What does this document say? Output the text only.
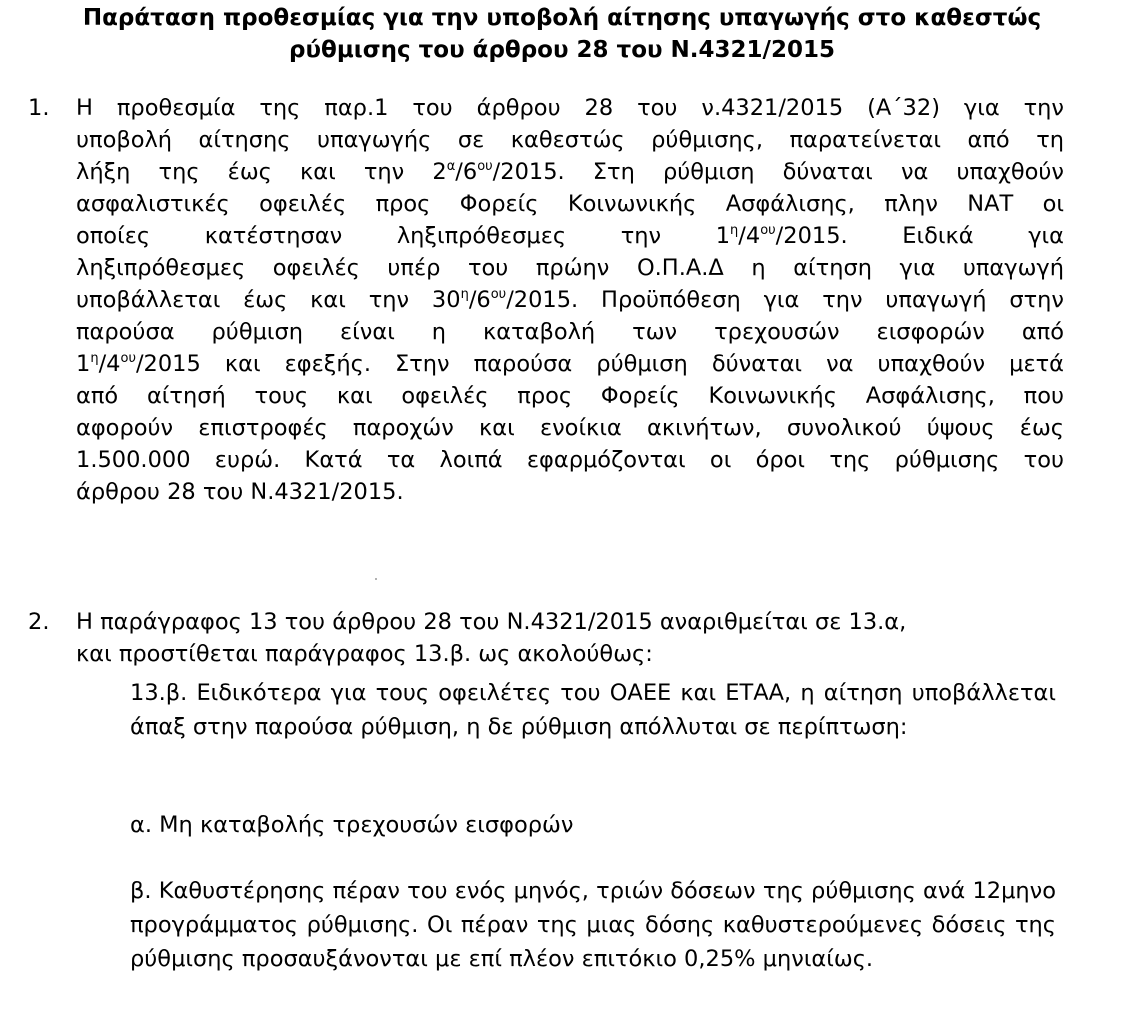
Παράταση προθεσμίας για την υποβολή αίτησης υπαγωγής στο καθεστώς
ρύθμισης του άρθρου 28 του Ν.4321/2015
1. Η προθεσμία της παρ.1 του άρθρου 28 του ν.4321/2015 (Α΄32) για την
υποβολή αίτησης υπαγωγής σε καθεστώς ρύθμισης, παρατείνεται από τη
λήξη της έως και την $2^\alpha/6^{o\upsilon}/2015$. Στη ρύθμιση δύναται να υπαχθούν
ασφαλιστικές οφειλές προς Φορείς Κοινωνικής Ασφάλισης, πλην ΝΑΤ οι
οποίες κατέστησαν ληξιπρόθεσμες την $1^\eta/4^{o\upsilon}/2015$. Ειδικά για
ληξιπρόθεσμες οφειλές υπέρ του πρώην Ο.Π.Α.Δ η αίτηση για υπαγωγή
υποβάλλεται έως και την $30^\eta/6^{o\upsilon}/2015$. Προϋπόθεση για την υπαγωγή στην
παρούσα ρύθμιση είναι η καταβολή των τρεχουσών εισφορών από
$1^\eta/4^{o\upsilon}/2015$ και εφεξής. Στην παρούσα ρύθμιση δύναται να υπαχθούν μετά
από αίτησή τους και οφειλές προς Φορείς Κοινωνικής Ασφάλισης, που
αφορούν επιστροφές παροχών και ενοίκια ακινήτων, συνολικού ύψους έως
1.500.000 ευρώ. Κατά τα λοιπά εφαρμόζονται οι όροι της ρύθμισης του
άρθρου 28 του Ν.4321/2015.
2. Η παράγραφος 13 του άρθρου 28 του Ν.4321/2015 αναριθμείται σε 13.α,
και προστίθεται παράγραφος 13.β. ως ακολούθως:
13.β. Ειδικότερα για τους οφειλέτες του ΟΑΕΕ και ΕΤΑΑ, η αίτηση υποβάλλεται άπαξ στην παρούσα ρύθμιση, η δε ρύθμιση απόλλυται σε περίπτωση:
α. Μη καταβολής τρεχουσών εισφορών
β. Καθυστέρησης πέραν του ενός μηνός, τριών δόσεων της ρύθμισης ανά 12μηνο προγράμματος ρύθμισης. Οι πέραν της μιας δόσης καθυστερούμενες δόσεις της ρύθμισης προσαυξάνονται με επί πλέον επιτόκιο 0,25% μηνιαίως.
